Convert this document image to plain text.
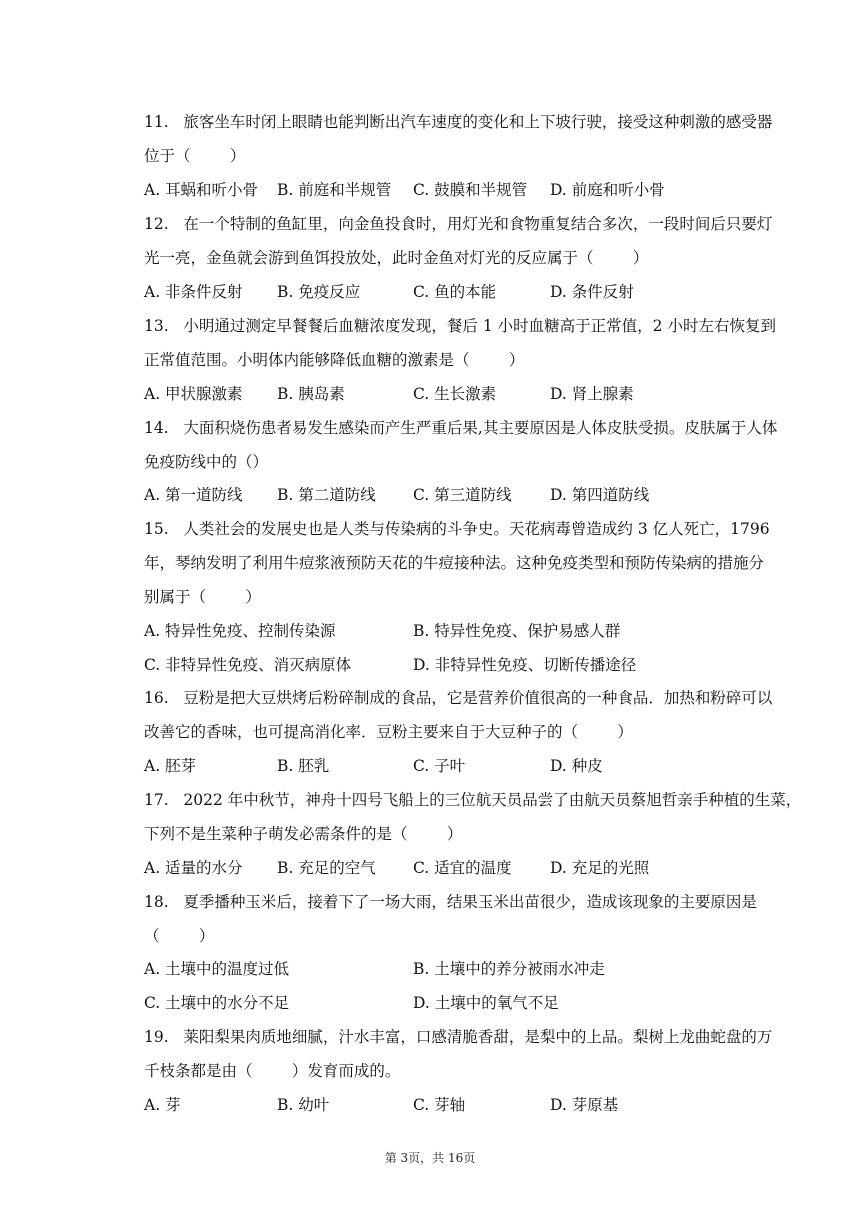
11.   旅客坐车时闭上眼睛也能判断出汽车速度的变化和上下坡行驶，接受这种刺激的感受器
位于（        ）
A. 耳蜗和听小骨 B. 前庭和半规管 C. 鼓膜和半规管 D. 前庭和听小骨
12.   在一个特制的鱼缸里，向金鱼投食时，用灯光和食物重复结合多次，一段时间后只要灯
光一亮，金鱼就会游到鱼饵投放处，此时金鱼对灯光的反应属于（        ）
A. 非条件反射 B. 免疫反应	C. 鱼的本能	D. 条件反射
13.   小明通过测定早餐餐后血糖浓度发现，餐后 1 小时血糖高于正常值，2 小时左右恢复到
正常值范围。小明体内能够降低血糖的激素是（        ）
A. 甲状腺激素 B. 胰岛素	C. 生长激素	D. 肾上腺素
14.   大面积烧伤患者易发生感染而产生严重后果,其主要原因是人体皮肤受损。皮肤属于人体
免疫防线中的（）
A. 第一道防线 B. 第二道防线 C. 第三道防线 D. 第四道防线
15.   人类社会的发展史也是人类与传染病的斗争史。天花病毒曾造成约 3 亿人死亡，1796
年，琴纳发明了利用牛痘浆液预防天花的牛痘接种法。这种免疫类型和预防传染病的措施分
别属于（        ）
A. 特异性免疫、控制传染源	B. 特异性免疫、保护易感人群
C. 非特异性免疫、消灭病原体	D. 非特异性免疫、切断传播途径
16.   豆粉是把大豆烘烤后粉碎制成的食品，它是营养价值很高的一种食品．加热和粉碎可以
改善它的香味，也可提高消化率．豆粉主要来自于大豆种子的（        ）
A. 胚芽	B. 胚乳	C. 子叶	D. 种皮
17.   2022 年中秋节，神舟十四号飞船上的三位航天员品尝了由航天员蔡旭哲亲手种植的生菜，
下列不是生菜种子萌发必需条件的是（        ）
A. 适量的水分 B. 充足的空气 C. 适宜的温度 D. 充足的光照
18.   夏季播种玉米后，接着下了一场大雨，结果玉米出苗很少，造成该现象的主要原因是
（        ）
A. 土壤中的温度过低	B. 土壤中的养分被雨水冲走
C. 土壤中的水分不足	D. 土壤中的氧气不足
19.   莱阳梨果肉质地细腻，汁水丰富，口感清脆香甜，是梨中的上品。梨树上龙曲蛇盘的万
千枝条都是由（        ）发育而成的。
A. 芽	B. 幼叶	C. 芽轴	D. 芽原基
第 3页，共 16页
